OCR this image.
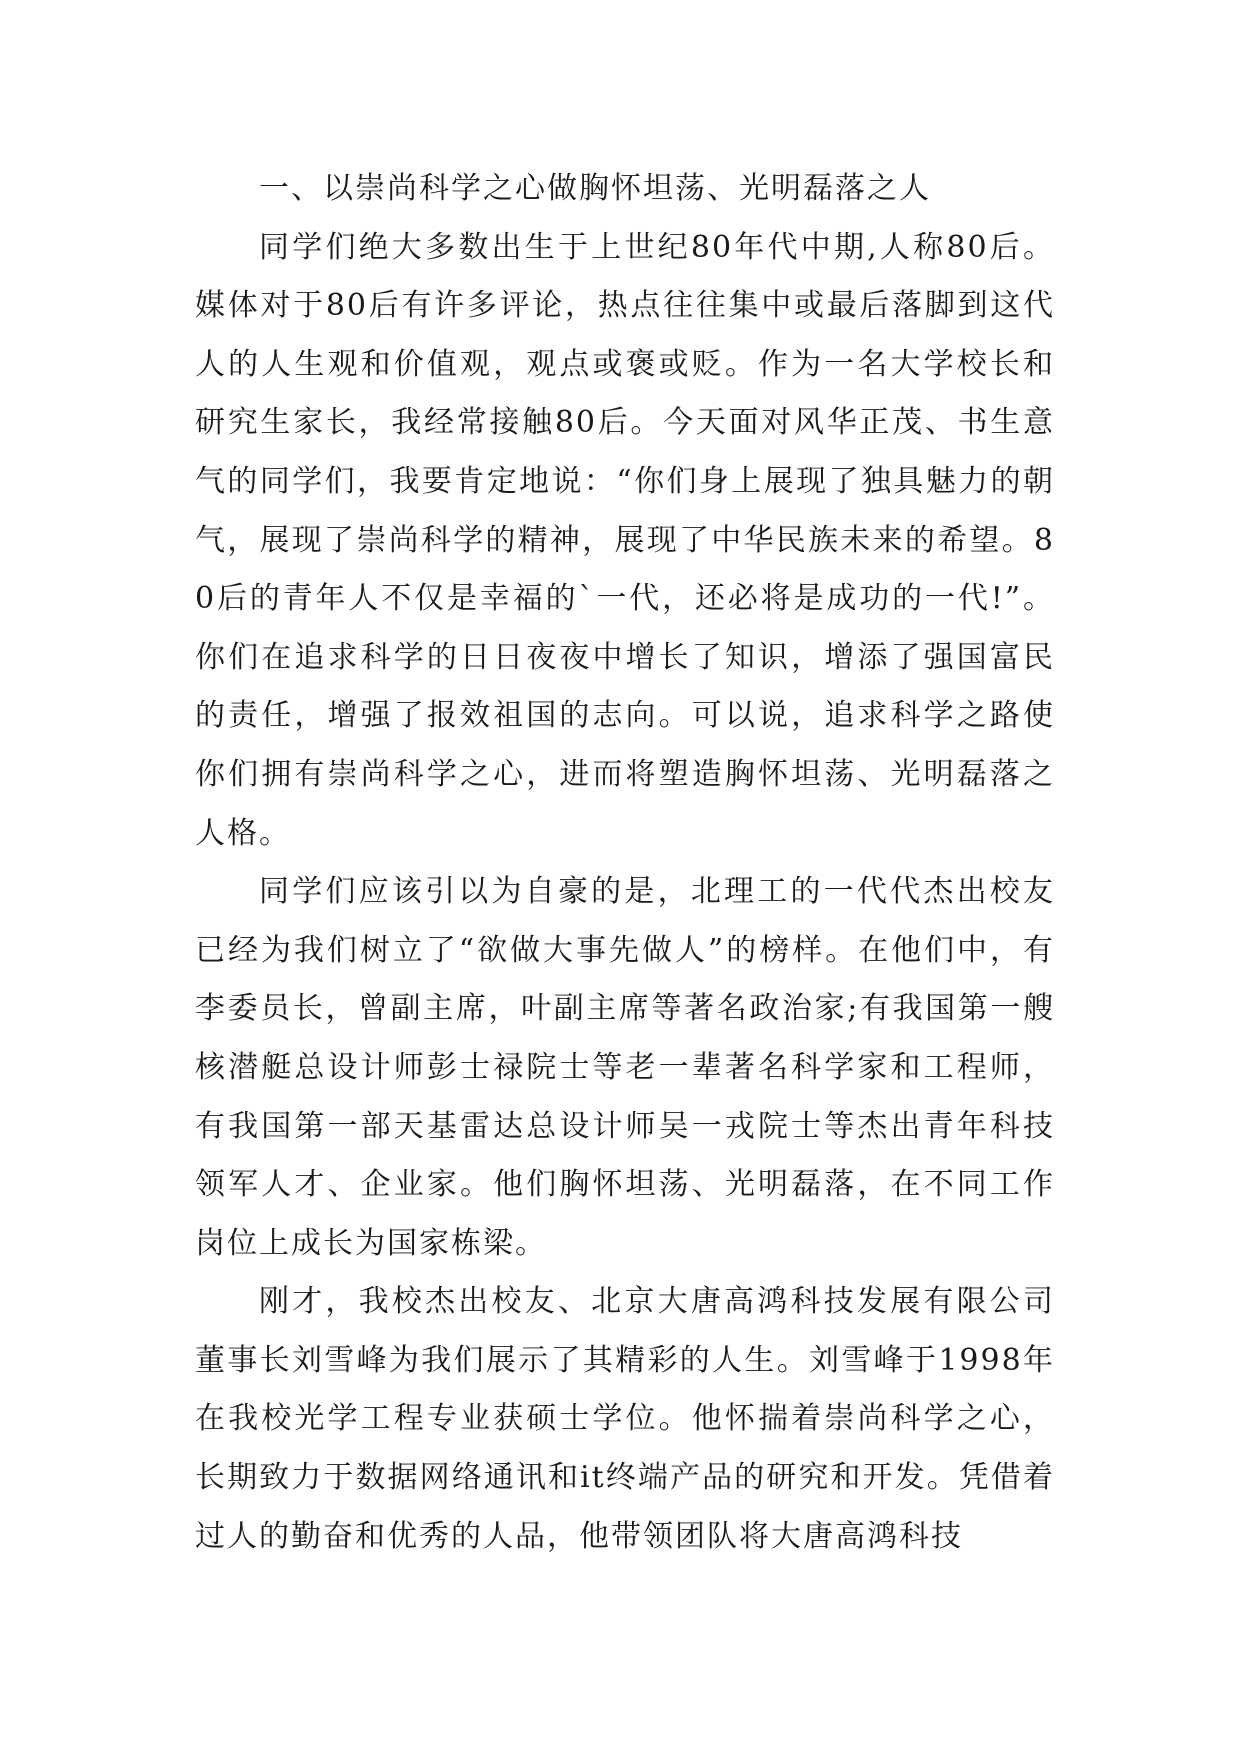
一、以崇尚科学之心做胸怀坦荡、光明磊落之人

同学们绝大多数出生于上世纪80年代中期,人称80后。媒体对于80后有许多评论，热点往往集中或最后落脚到这代人的人生观和价值观，观点或褒或贬。作为一名大学校长和研究生家长，我经常接触80后。今天面对风华正茂、书生意气的同学们，我要肯定地说：“你们身上展现了独具魅力的朝气，展现了崇尚科学的精神，展现了中华民族未来的希望。80后的青年人不仅是幸福的`一代，还必将是成功的一代!”。你们在追求科学的日日夜夜中增长了知识，增添了强国富民的责任，增强了报效祖国的志向。可以说，追求科学之路使你们拥有崇尚科学之心，进而将塑造胸怀坦荡、光明磊落之人格。

同学们应该引以为自豪的是，北理工的一代代杰出校友已经为我们树立了“欲做大事先做人”的榜样。在他们中，有李委员长，曾副主席，叶副主席等著名政治家;有我国第一艘核潜艇总设计师彭士禄院士等老一辈著名科学家和工程师，有我国第一部天基雷达总设计师吴一戎院士等杰出青年科技领军人才、企业家。他们胸怀坦荡、光明磊落，在不同工作岗位上成长为国家栋梁。

刚才，我校杰出校友、北京大唐高鸿科技发展有限公司董事长刘雪峰为我们展示了其精彩的人生。刘雪峰于1998年在我校光学工程专业获硕士学位。他怀揣着崇尚科学之心，长期致力于数据网络通讯和it终端产品的研究和开发。凭借着过人的勤奋和优秀的人品，他带领团队将大唐高鸿科技
